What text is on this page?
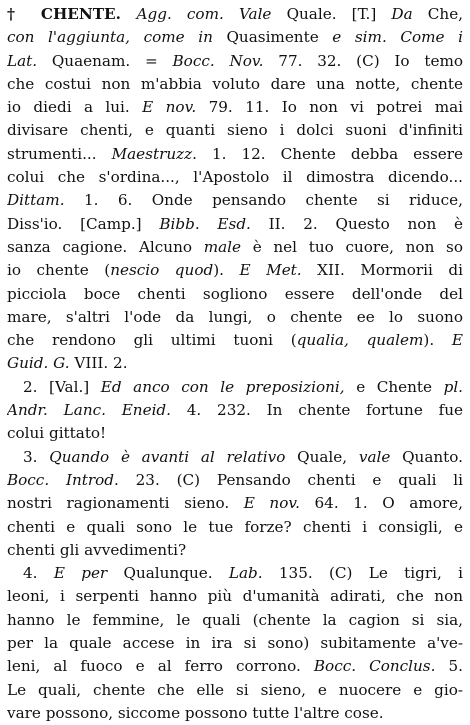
† CHENTE. Agg. com. Vale Quale. [T.] Da Che,
con l'aggiunta, come in Quasimente e sim. Come i
Lat. Quaenam. = Bocc. Nov. 77. 32. (C) Io temo
che costui non m'abbia voluto dare una notte, chente
io diedi a lui. E nov. 79. 11. Io non vi potrei mai
divisare chenti, e quanti sieno i dolci suoni d'infiniti
strumenti... Maestruzz. 1. 12. Chente debba essere
colui che s'ordina..., l'Apostolo il dimostra dicendo...
Dittam. 1. 6. Onde pensando chente si riduce,
Diss'io. [Camp.] Bibb. Esd. II. 2. Questo non è
sanza cagione. Alcuno male è nel tuo cuore, non so
io chente (nescio quod). E Met. XII. Mormorii di
picciola boce chenti sogliono essere dell'onde del
mare, s'altri l'ode da lungi, o chente ee lo suono
che rendono gli ultimi tuoni (qualia, qualem). E
Guid. G. VIII. 2.
2. [Val.] Ed anco con le preposizioni, e Chente pl.
Andr. Lanc. Eneid. 4. 232. In chente fortune fue
colui gittato!
3. Quando è avanti al relativo Quale, vale Quanto.
Bocc. Introd. 23. (C) Pensando chenti e quali li
nostri ragionamenti sieno. E nov. 64. 1. O amore,
chenti e quali sono le tue forze? chenti i consigli, e
chenti gli avvedimenti?
4. E per Qualunque. Lab. 135. (C) Le tigri, i
leoni, i serpenti hanno più d'umanità adirati, che non
hanno le femmine, le quali (chente la cagion si sia,
per la quale accese in ira si sono) subitamente a've-
leni, al fuoco e al ferro corrono. Bocc. Conclus. 5.
Le quali, chente che elle si sieno, e nuocere e gio-
vare possono, siccome possono tutte l'altre cose.
